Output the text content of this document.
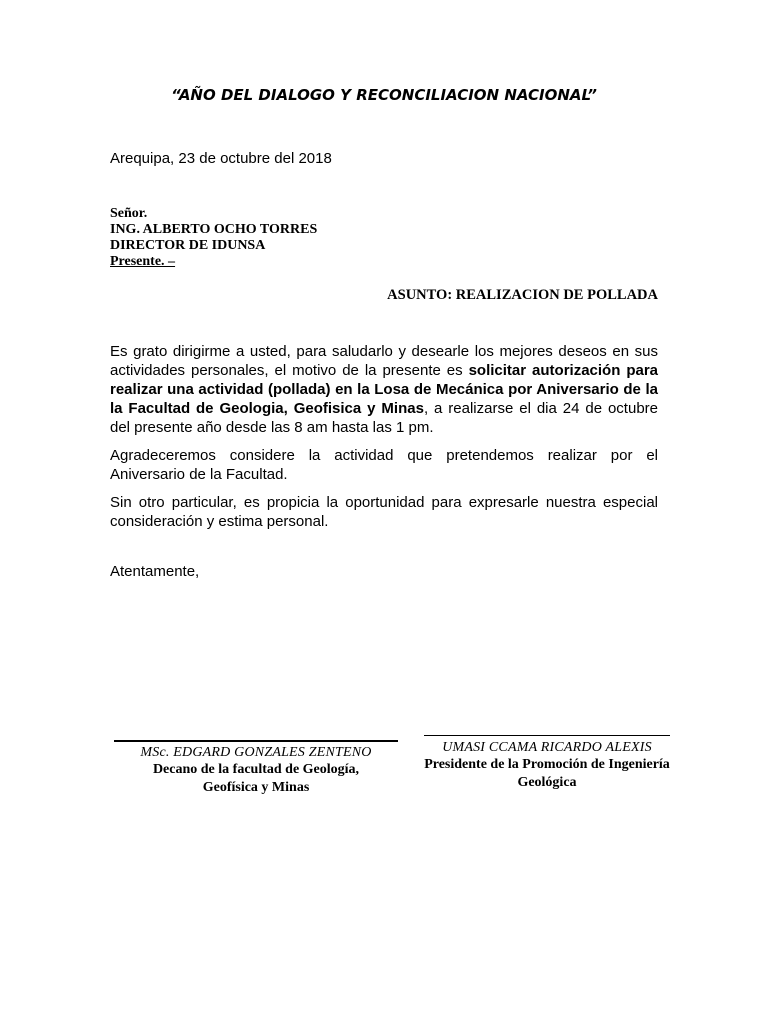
“AÑO DEL DIALOGO Y RECONCILIACION NACIONAL”
Arequipa, 23 de octubre del 2018
Señor.
ING. ALBERTO OCHO TORRES
DIRECTOR DE IDUNSA
Presente. –
ASUNTO: REALIZACION DE POLLADA

Es grato dirigirme a usted, para saludarlo y desearle los mejores deseos en sus actividades personales, el motivo de la presente es solicitar autorización para realizar una actividad (pollada) en la Losa de Mecánica por Aniversario de la la Facultad de Geologia, Geofisica y Minas, a realizarse el dia 24 de octubre del presente año desde las 8 am hasta las 1 pm.

Agradeceremos considere la actividad que pretendemos realizar por el Aniversario de la Facultad.

Sin otro particular, es propicia la oportunidad para expresarle nuestra especial consideración y estima personal.

Atentamente,
MSc. EDGARD GONZALES ZENTENO
Decano de la facultad de Geología,
Geofísica y Minas
UMASI CCAMA RICARDO ALEXIS
Presidente de la Promoción de Ingeniería
Geológica
